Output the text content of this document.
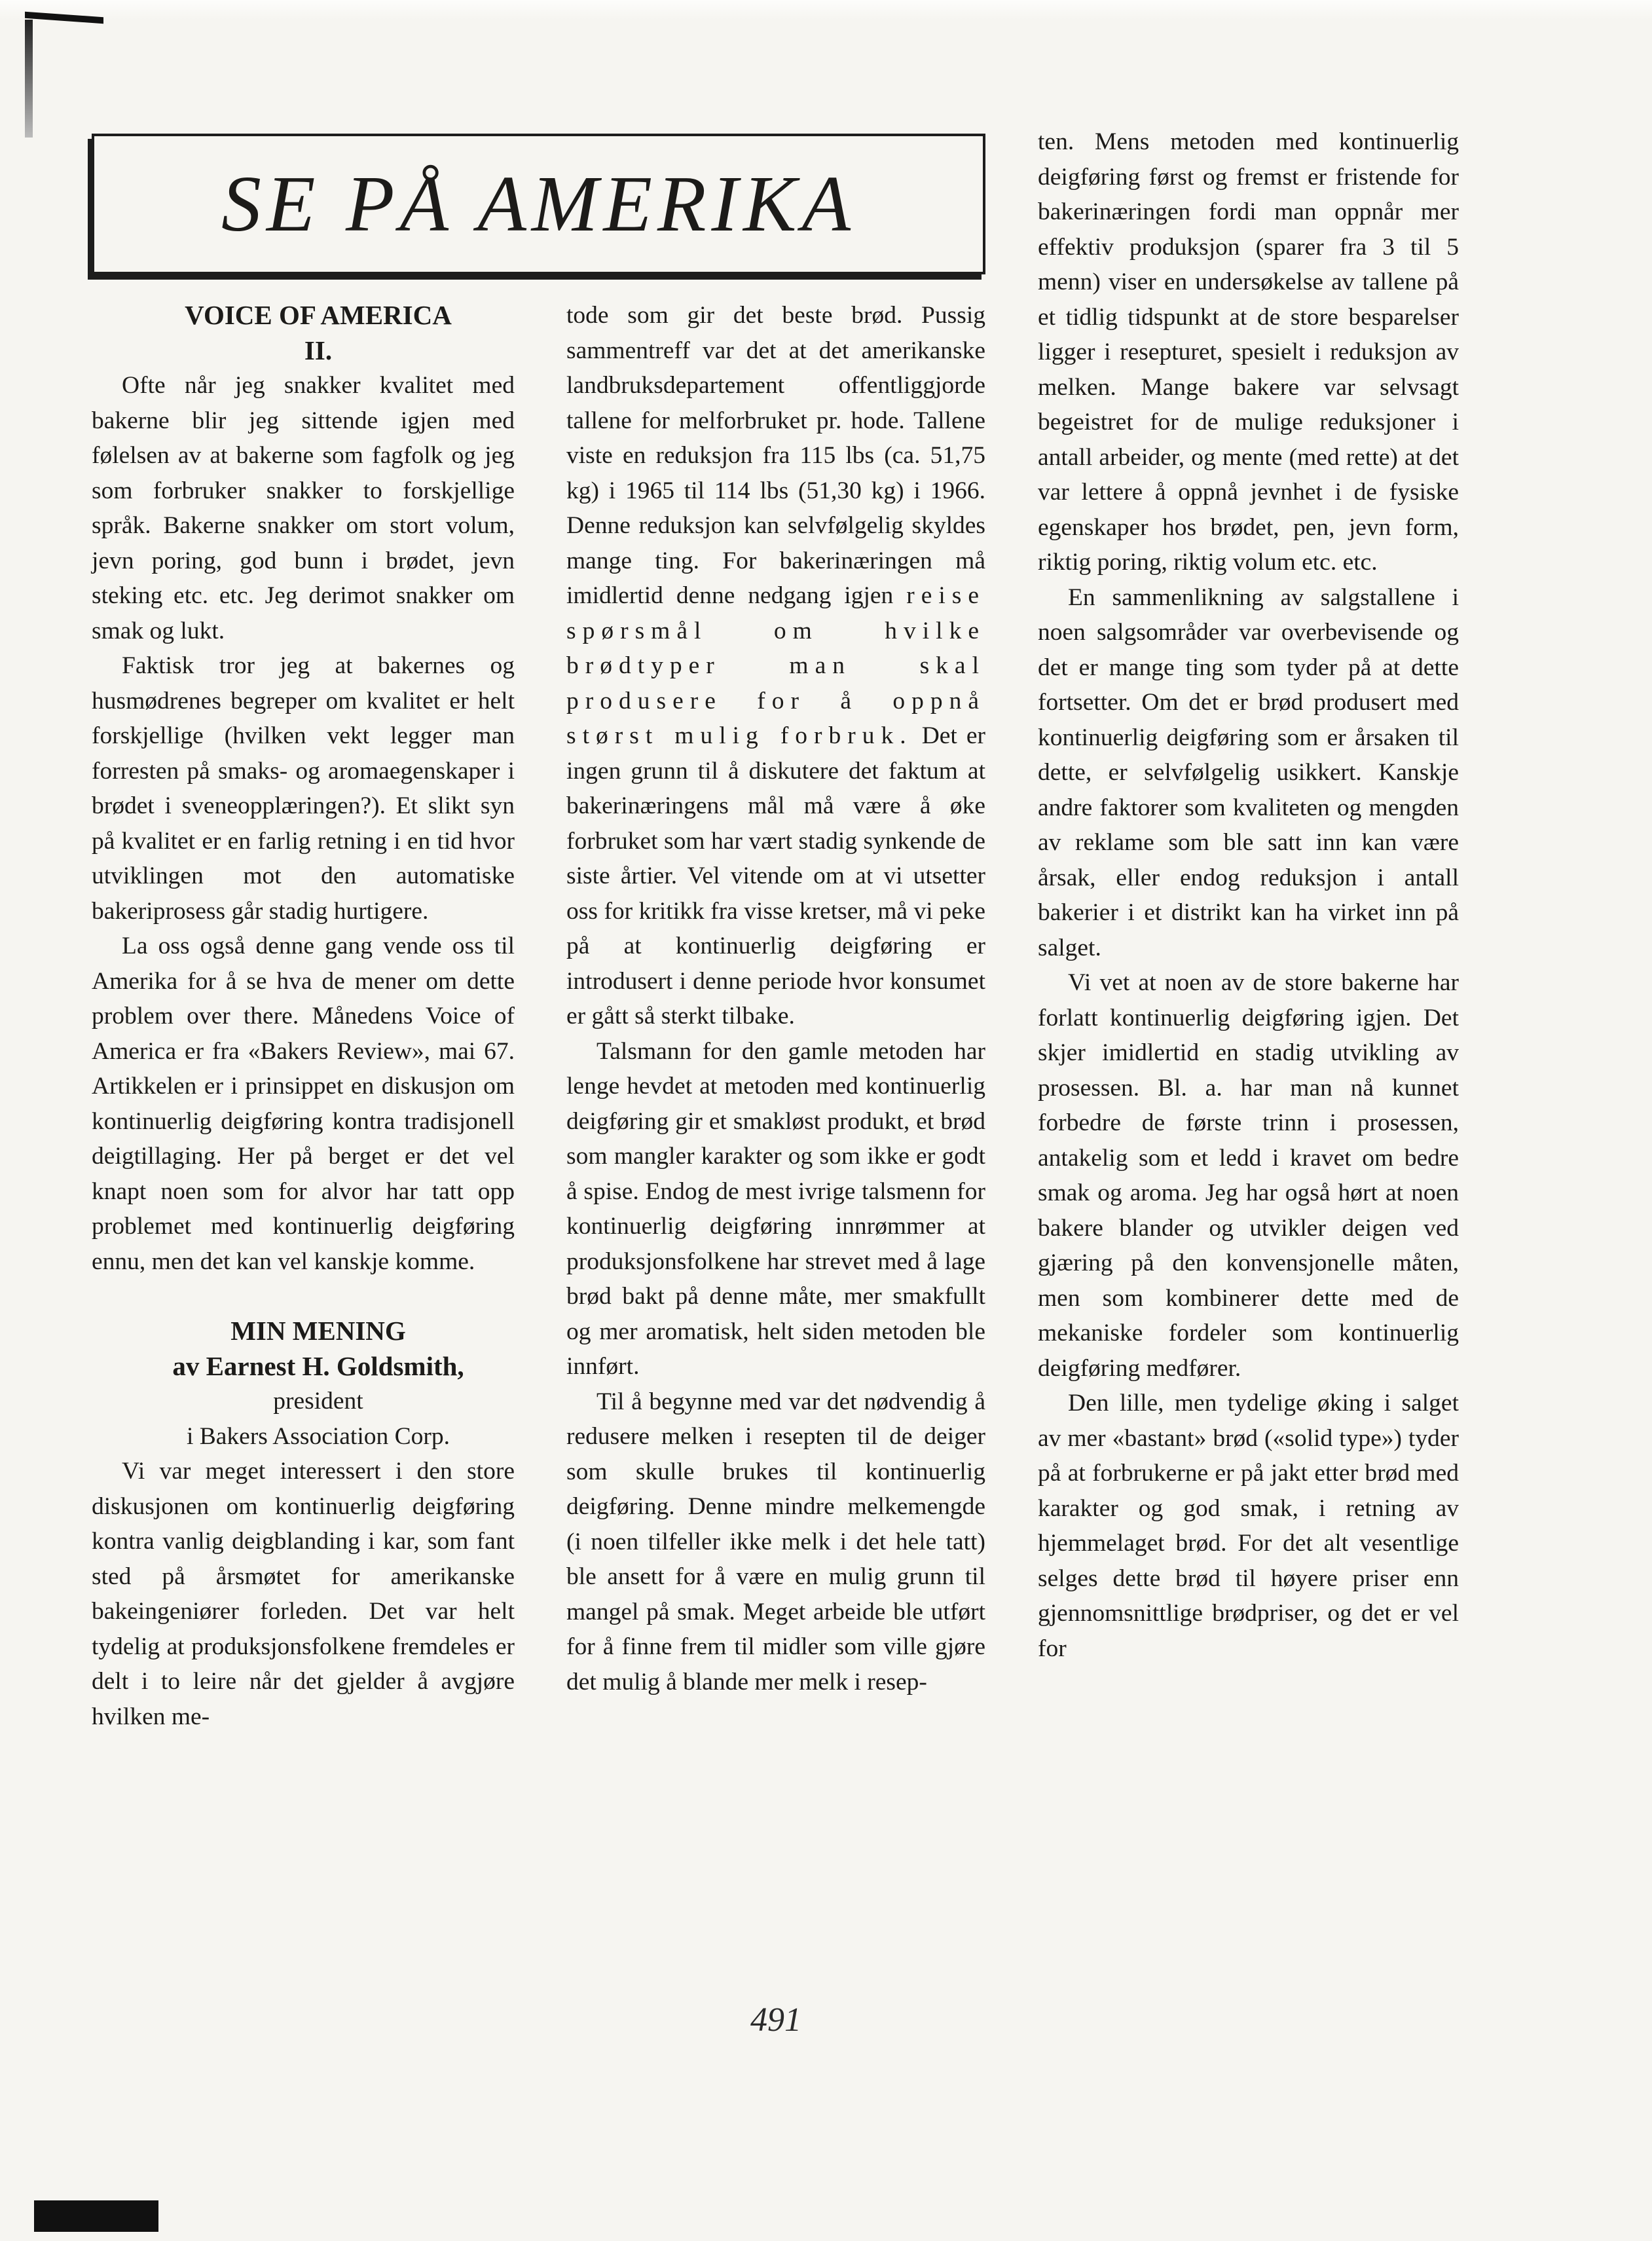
SE PÅ AMERIKA

VOICE OF AMERICA

II.

Ofte når jeg snakker kvalitet med bakerne blir jeg sittende igjen med følelsen av at bakerne som fagfolk og jeg som forbruker snakker to forskjellige språk. Bakerne snakker om stort volum, jevn poring, god bunn i brødet, jevn steking etc. etc. Jeg derimot snakker om smak og lukt.

Faktisk tror jeg at bakernes og husmødrenes begreper om kvalitet er helt forskjellige (hvilken vekt legger man forresten på smaks- og aromaegenskaper i brødet i sveneopplæringen?). Et slikt syn på kvalitet er en farlig retning i en tid hvor utviklingen mot den automatiske bakeriprosess går stadig hurtigere.

La oss også denne gang vende oss til Amerika for å se hva de mener om dette problem over there. Månedens Voice of America er fra «Bakers Review», mai 67. Artikkelen er i prinsippet en diskusjon om kontinuerlig deigføring kontra tradisjonell deigtillaging. Her på berget er det vel knapt noen som for alvor har tatt opp problemet med kontinuerlig deigføring ennu, men det kan vel kanskje komme.

MIN MENING

av Earnest H. Goldsmith,

president

i Bakers Association Corp.

Vi var meget interessert i den store diskusjonen om kontinuerlig deigføring kontra vanlig deigblanding i kar, som fant sted på årsmøtet for amerikanske bakeingeniører forleden. Det var helt tydelig at produksjonsfolkene fremdeles er delt i to leire når det gjelder å avgjøre hvilken me-

tode som gir det beste brød. Pussig sammentreff var det at det amerikanske landbruksdepartement offentliggjorde tallene for melforbruket pr. hode. Tallene viste en reduksjon fra 115 lbs (ca. 51,75 kg) i 1965 til 114 lbs (51,30 kg) i 1966. Denne reduksjon kan selvfølgelig skyldes mange ting. For bakerinæringen må imidlertid denne nedgang igjen reise spørsmål om hvilke brødtyper man skal produsere for å oppnå størst mulig forbruk. Det er ingen grunn til å diskutere det faktum at bakerinæringens mål må være å øke forbruket som har vært stadig synkende de siste årtier. Vel vitende om at vi utsetter oss for kritikk fra visse kretser, må vi peke på at kontinuerlig deigføring er introdusert i denne periode hvor konsumet er gått så sterkt tilbake.

Talsmann for den gamle metoden har lenge hevdet at metoden med kontinuerlig deigføring gir et smakløst produkt, et brød som mangler karakter og som ikke er godt å spise. Endog de mest ivrige talsmenn for kontinuerlig deigføring innrømmer at produksjonsfolkene har strevet med å lage brød bakt på denne måte, mer smakfullt og mer aromatisk, helt siden metoden ble innført.

Til å begynne med var det nødvendig å redusere melken i resepten til de deiger som skulle brukes til kontinuerlig deigføring. Denne mindre melkemengde (i noen tilfeller ikke melk i det hele tatt) ble ansett for å være en mulig grunn til mangel på smak. Meget arbeide ble utført for å finne frem til midler som ville gjøre det mulig å blande mer melk i resep-

ten. Mens metoden med kontinuerlig deigføring først og fremst er fristende for bakerinæringen fordi man oppnår mer effektiv produksjon (sparer fra 3 til 5 menn) viser en undersøkelse av tallene på et tidlig tidspunkt at de store besparelser ligger i resepturet, spesielt i reduksjon av melken. Mange bakere var selvsagt begeistret for de mulige reduksjoner i antall arbeider, og mente (med rette) at det var lettere å oppnå jevnhet i de fysiske egenskaper hos brødet, pen, jevn form, riktig poring, riktig volum etc. etc.

En sammenlikning av salgstallene i noen salgsområder var overbevisende og det er mange ting som tyder på at dette fortsetter. Om det er brød produsert med kontinuerlig deigføring som er årsaken til dette, er selvfølgelig usikkert. Kanskje andre faktorer som kvaliteten og mengden av reklame som ble satt inn kan være årsak, eller endog reduksjon i antall bakerier i et distrikt kan ha virket inn på salget.

Vi vet at noen av de store bakerne har forlatt kontinuerlig deigføring igjen. Det skjer imidlertid en stadig utvikling av prosessen. Bl. a. har man nå kunnet forbedre de første trinn i prosessen, antakelig som et ledd i kravet om bedre smak og aroma. Jeg har også hørt at noen bakere blander og utvikler deigen ved gjæring på den konvensjonelle måten, men som kombinerer dette med de mekaniske fordeler som kontinuerlig deigføring medfører.

Den lille, men tydelige øking i salget av mer «bastant» brød («solid type») tyder på at forbrukerne er på jakt etter brød med karakter og god smak, i retning av hjemmelaget brød. For det alt vesentlige selges dette brød til høyere priser enn gjennomsnittlige brødpriser, og det er vel for

491
